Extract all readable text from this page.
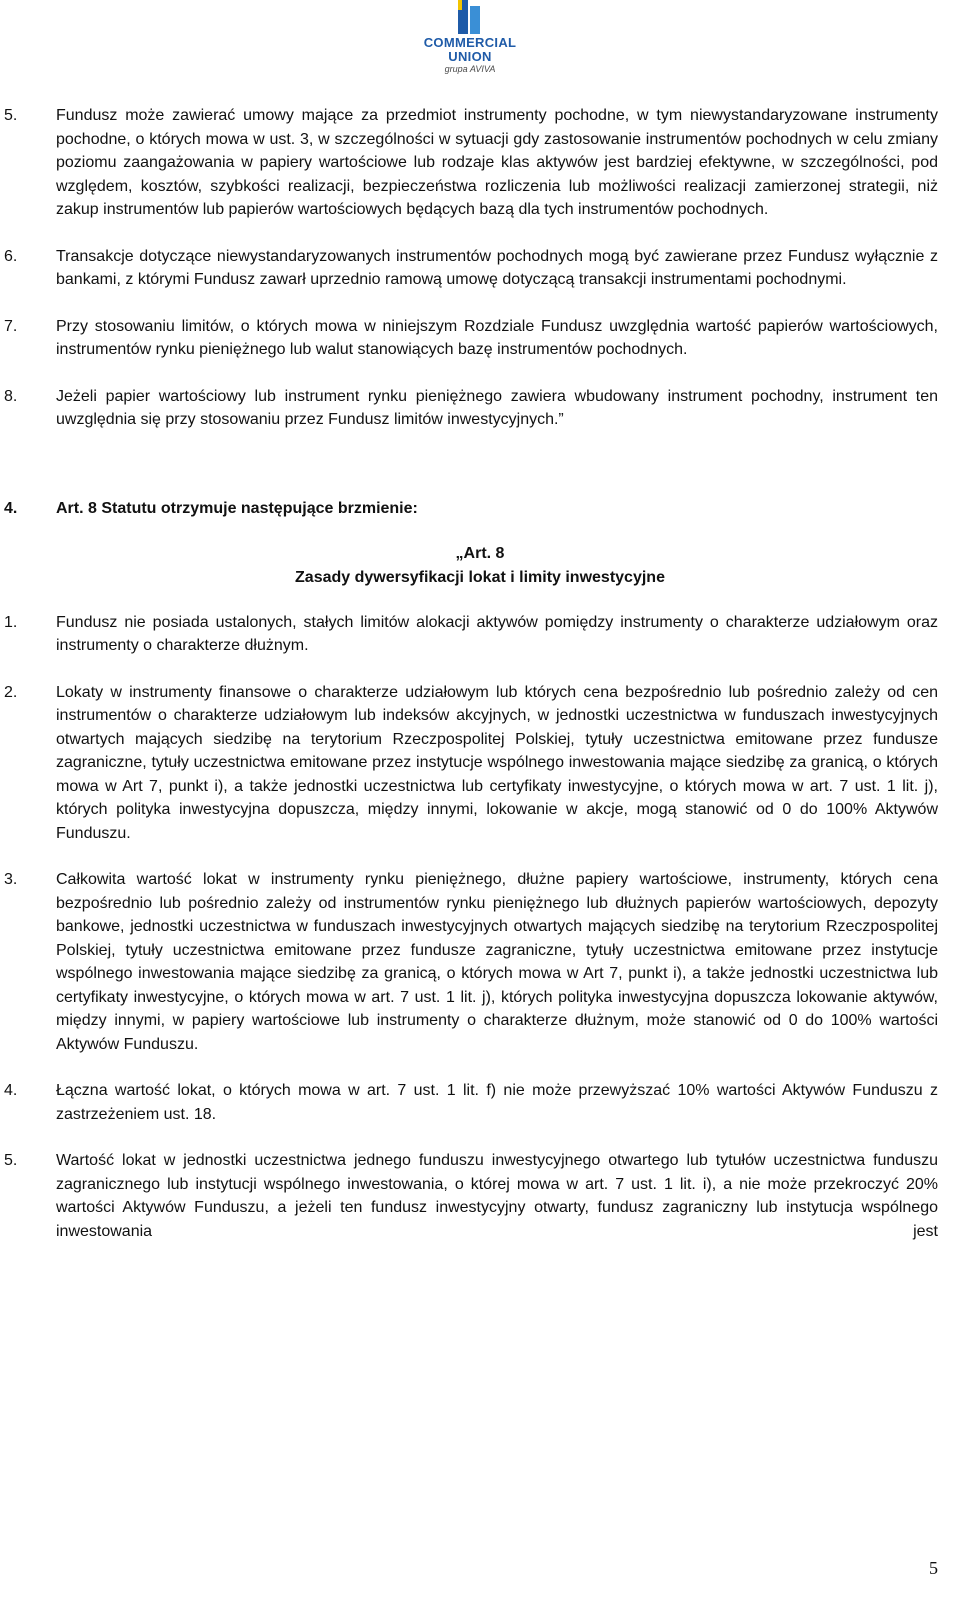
COMMERCIAL
UNION
grupa AVIVA
5. Fundusz może zawierać umowy mające za przedmiot instrumenty pochodne, w tym niewystandaryzowane instrumenty pochodne, o których mowa w ust. 3, w szczególności w sytuacji gdy zastosowanie instrumentów pochodnych w celu zmiany poziomu zaangażowania w papiery wartościowe lub rodzaje klas aktywów jest bardziej efektywne, w szczególności, pod względem, kosztów, szybkości realizacji, bezpieczeństwa rozliczenia lub możliwości realizacji zamierzonej strategii, niż zakup instrumentów lub papierów wartościowych będących bazą dla tych instrumentów pochodnych.
6. Transakcje dotyczące niewystandaryzowanych instrumentów pochodnych mogą być zawierane przez Fundusz wyłącznie z bankami, z którymi Fundusz zawarł uprzednio ramową umowę dotyczącą transakcji instrumentami pochodnymi.
7. Przy stosowaniu limitów, o których mowa w niniejszym Rozdziale Fundusz uwzględnia wartość papierów wartościowych, instrumentów rynku pieniężnego lub walut stanowiących bazę instrumentów pochodnych.
8. Jeżeli papier wartościowy lub instrument rynku pieniężnego zawiera wbudowany instrument pochodny, instrument ten uwzględnia się przy stosowaniu przez Fundusz limitów inwestycyjnych.”
4. Art. 8 Statutu otrzymuje następujące brzmienie:
„Art. 8
Zasady dywersyfikacji lokat i limity inwestycyjne
1. Fundusz nie posiada ustalonych, stałych limitów alokacji aktywów pomiędzy instrumenty o charakterze udziałowym oraz instrumenty o charakterze dłużnym.
2. Lokaty w instrumenty finansowe o charakterze udziałowym lub których cena bezpośrednio lub pośrednio zależy od cen instrumentów o charakterze udziałowym lub indeksów akcyjnych, w jednostki uczestnictwa w funduszach inwestycyjnych otwartych mających siedzibę na terytorium Rzeczpospolitej Polskiej, tytuły uczestnictwa emitowane przez fundusze zagraniczne, tytuły uczestnictwa emitowane przez instytucje wspólnego inwestowania mające siedzibę za granicą, o których mowa w Art 7, punkt i), a także jednostki uczestnictwa lub certyfikaty inwestycyjne, o których mowa w art. 7 ust. 1 lit. j), których polityka inwestycyjna dopuszcza, między innymi, lokowanie w akcje, mogą stanowić od 0 do 100% Aktywów Funduszu.
3. Całkowita wartość lokat w instrumenty rynku pieniężnego, dłużne papiery wartościowe, instrumenty, których cena bezpośrednio lub pośrednio zależy od instrumentów rynku pieniężnego lub dłużnych papierów wartościowych, depozyty bankowe, jednostki uczestnictwa w funduszach inwestycyjnych otwartych mających siedzibę na terytorium Rzeczpospolitej Polskiej, tytuły uczestnictwa emitowane przez fundusze zagraniczne, tytuły uczestnictwa emitowane przez instytucje wspólnego inwestowania mające siedzibę za granicą, o których mowa w Art 7, punkt i), a także jednostki uczestnictwa lub certyfikaty inwestycyjne, o których mowa w art. 7 ust. 1 lit. j), których polityka inwestycyjna dopuszcza lokowanie aktywów, między innymi, w papiery wartościowe lub instrumenty o charakterze dłużnym, może stanowić od 0 do 100% wartości Aktywów Funduszu.
4. Łączna wartość lokat, o których mowa w art. 7 ust. 1 lit. f) nie może przewyższać 10% wartości Aktywów Funduszu z zastrzeżeniem ust. 18.
5. Wartość lokat w jednostki uczestnictwa jednego funduszu inwestycyjnego otwartego lub tytułów uczestnictwa funduszu zagranicznego lub instytucji wspólnego inwestowania, o której mowa w art. 7 ust. 1 lit. i), a nie może przekroczyć 20% wartości Aktywów Funduszu, a jeżeli ten fundusz inwestycyjny otwarty, fundusz zagraniczny lub instytucja wspólnego inwestowania jest
5
